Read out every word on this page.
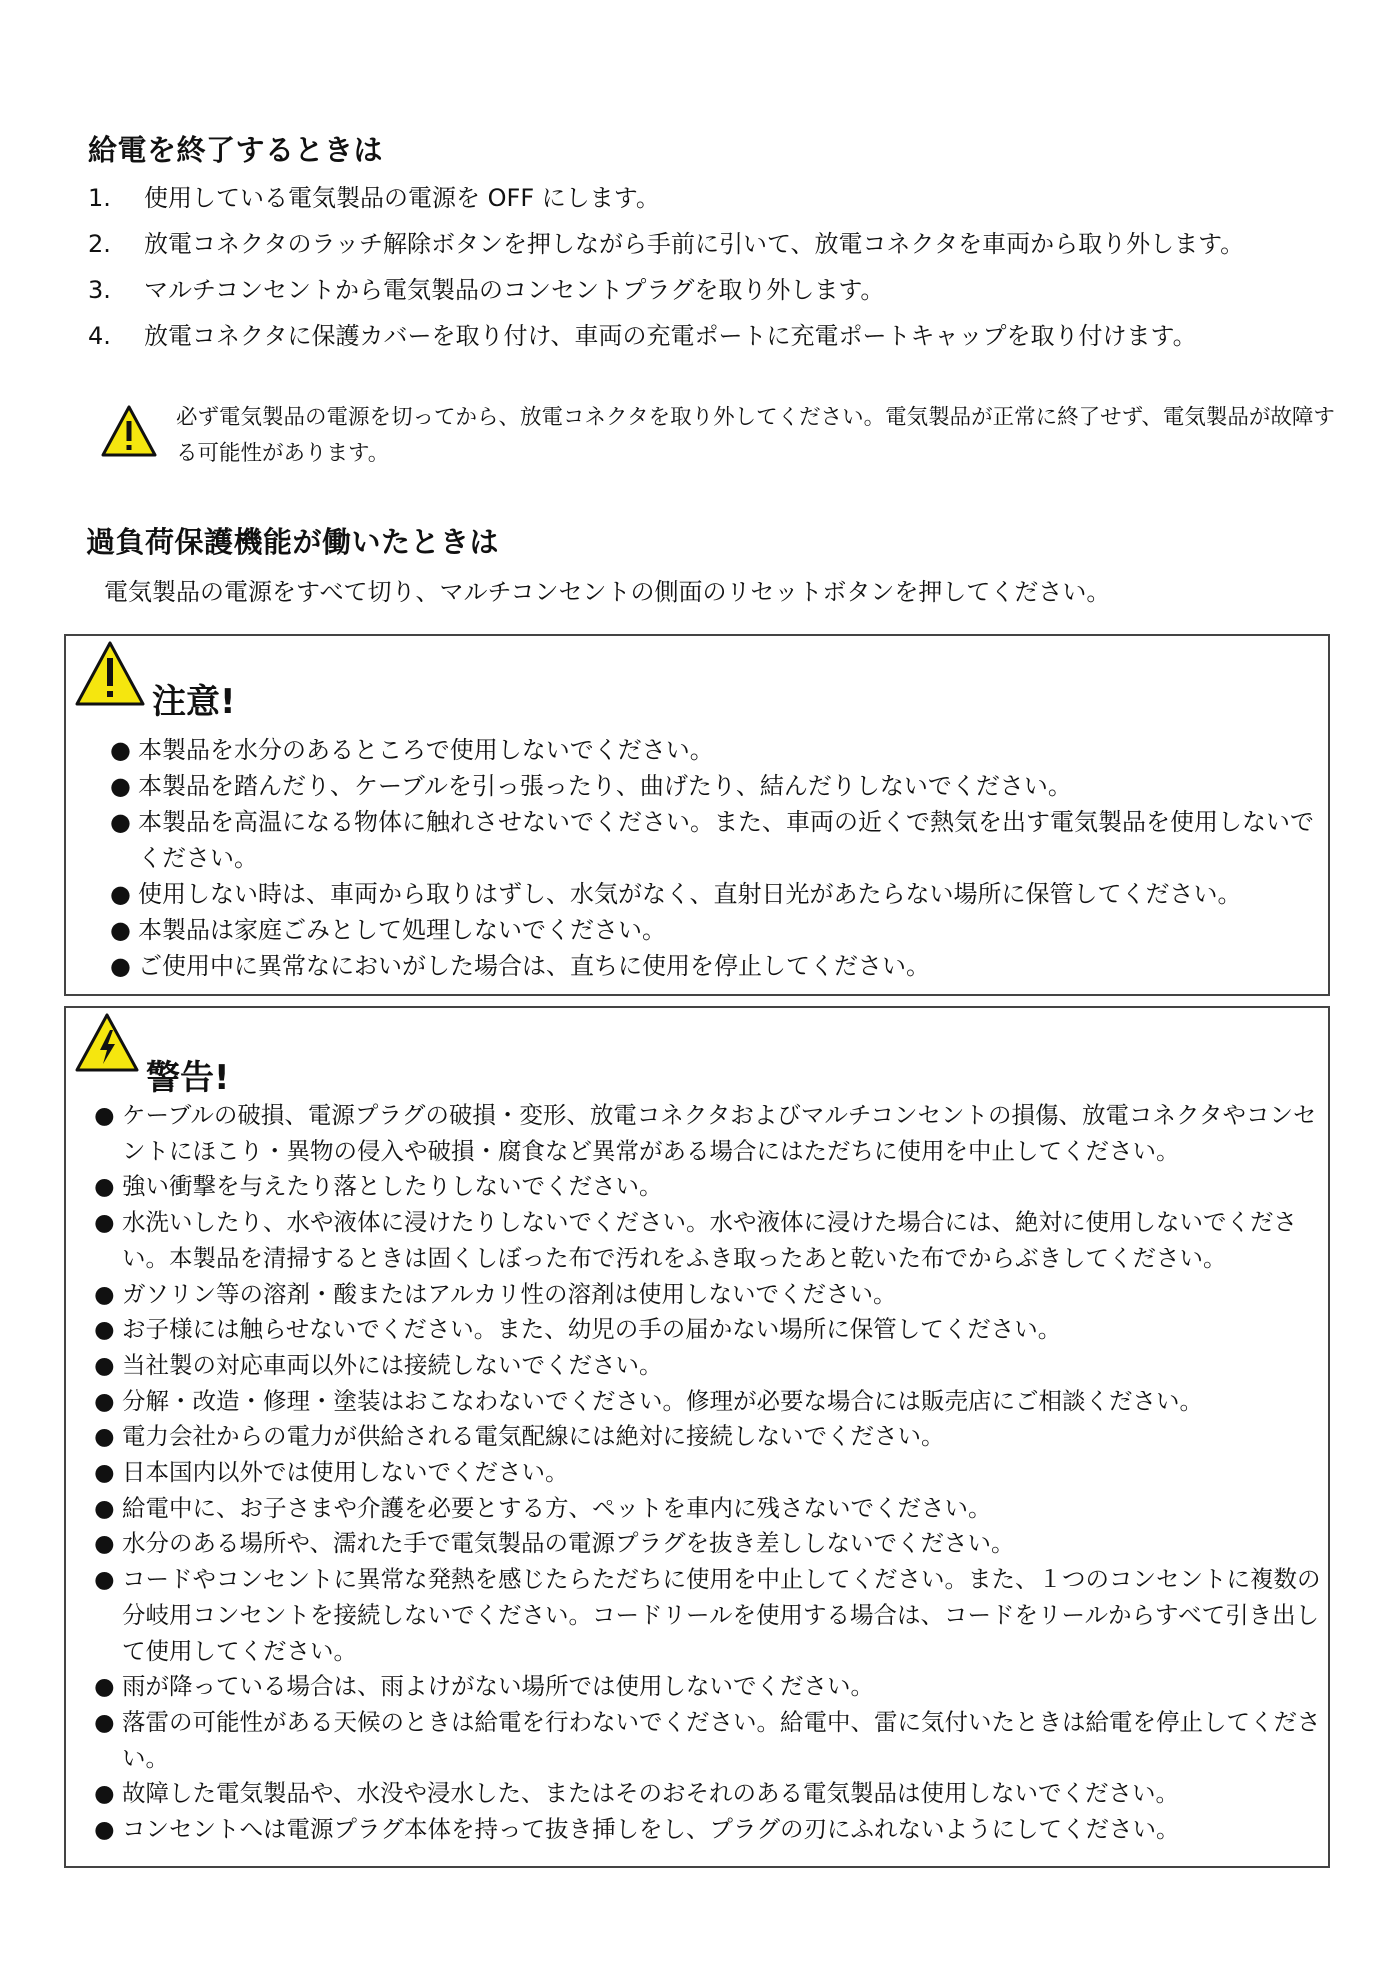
給電を終了するときは
1.	使用している電気製品の電源を OFF にします。
2.	放電コネクタのラッチ解除ボタンを押しながら手前に引いて、放電コネクタを車両から取り外します。
3.	マルチコンセントから電気製品のコンセントプラグを取り外します。
4.	放電コネクタに保護カバーを取り付け、車両の充電ポートに充電ポートキャップを取り付けます。
必ず電気製品の電源を切ってから、放電コネクタを取り外してください。電気製品が正常に終了せず、電気製品が故障する可能性があります。
過負荷保護機能が働いたときは
電気製品の電源をすべて切り、マルチコンセントの側面のリセットボタンを押してください。
注意!
● 本製品を水分のあるところで使用しないでください。
● 本製品を踏んだり、ケーブルを引っ張ったり、曲げたり、結んだりしないでください。
● 本製品を高温になる物体に触れさせないでください。また、車両の近くで熱気を出す電気製品を使用しないでください。
● 使用しない時は、車両から取りはずし、水気がなく、直射日光があたらない場所に保管してください。
● 本製品は家庭ごみとして処理しないでください。
● ご使用中に異常なにおいがした場合は、直ちに使用を停止してください。
警告!
● ケーブルの破損、電源プラグの破損・変形、放電コネクタおよびマルチコンセントの損傷、放電コネクタやコンセントにほこり・異物の侵入や破損・腐食など異常がある場合にはただちに使用を中止してください。
● 強い衝撃を与えたり落としたりしないでください。
● 水洗いしたり、水や液体に浸けたりしないでください。水や液体に浸けた場合には、絶対に使用しないでください。本製品を清掃するときは固くしぼった布で汚れをふき取ったあと乾いた布でからぶきしてください。
● ガソリン等の溶剤・酸またはアルカリ性の溶剤は使用しないでください。
● お子様には触らせないでください。また、幼児の手の届かない場所に保管してください。
● 当社製の対応車両以外には接続しないでください。
● 分解・改造・修理・塗装はおこなわないでください。修理が必要な場合には販売店にご相談ください。
● 電力会社からの電力が供給される電気配線には絶対に接続しないでください。
● 日本国内以外では使用しないでください。
● 給電中に、お子さまや介護を必要とする方、ペットを車内に残さないでください。
● 水分のある場所や、濡れた手で電気製品の電源プラグを抜き差ししないでください。
● コードやコンセントに異常な発熱を感じたらただちに使用を中止してください。また、１つのコンセントに複数の分岐用コンセントを接続しないでください。コードリールを使用する場合は、コードをリールからすべて引き出して使用してください。
● 雨が降っている場合は、雨よけがない場所では使用しないでください。
● 落雷の可能性がある天候のときは給電を行わないでください。給電中、雷に気付いたときは給電を停止してください。
● 故障した電気製品や、水没や浸水した、またはそのおそれのある電気製品は使用しないでください。
● コンセントへは電源プラグ本体を持って抜き挿しをし、プラグの刃にふれないようにしてください。
